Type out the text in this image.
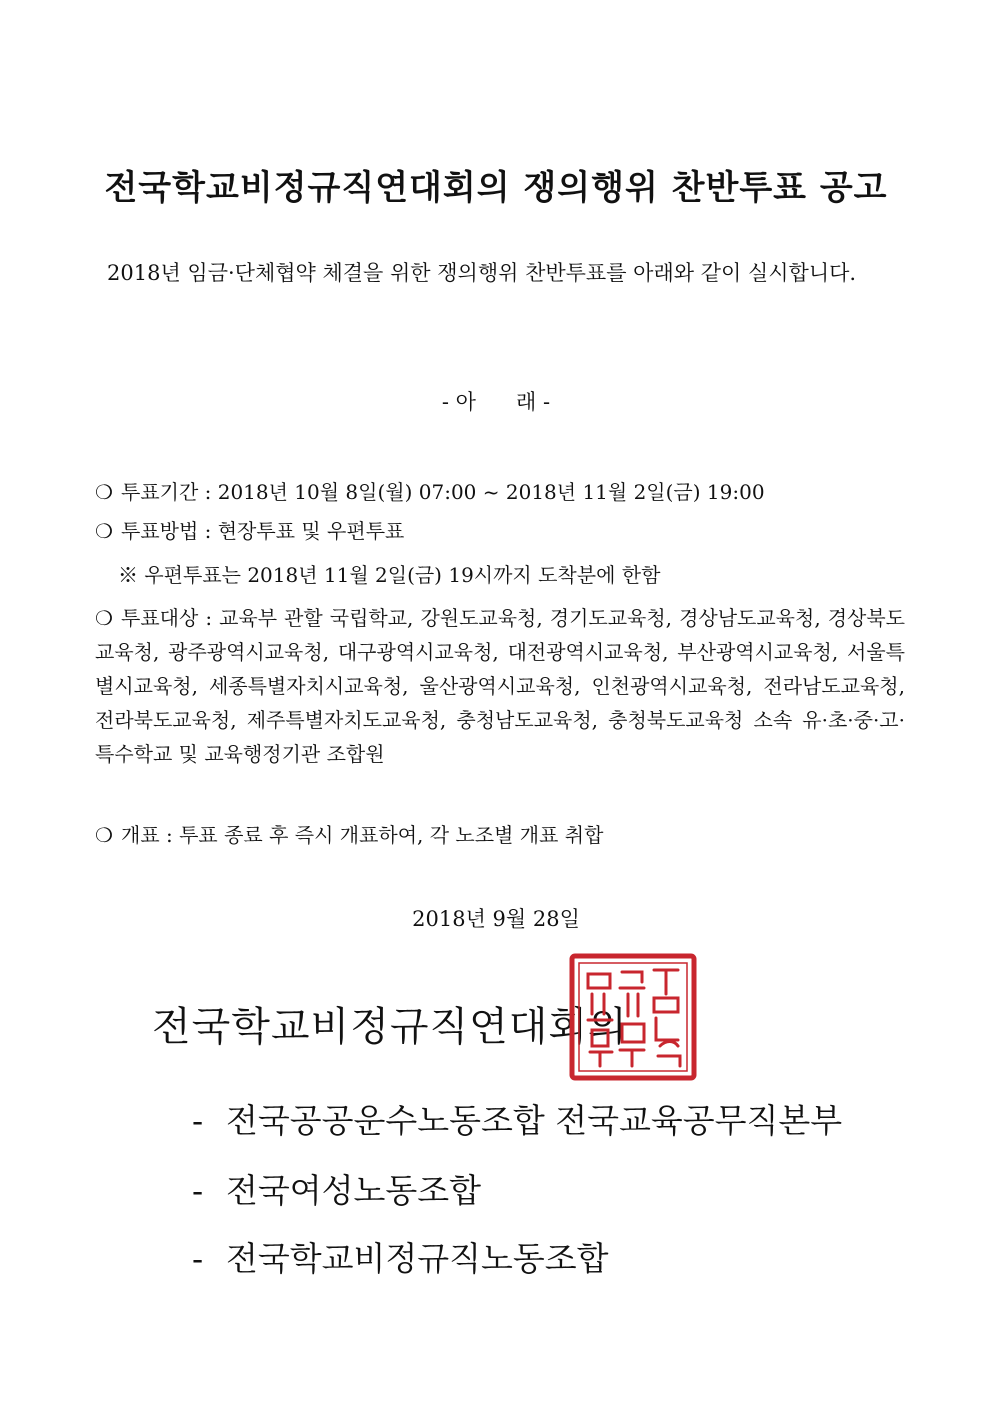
전국학교비정규직연대회의 쟁의행위 찬반투표 공고
2018년 임금·단체협약 체결을 위한 쟁의행위 찬반투표를 아래와 같이 실시합니다.
- 아      래 -
❍ 투표기간 : 2018년 10월 8일(월) 07:00 ~ 2018년 11월 2일(금) 19:00
❍ 투표방법 : 현장투표 및 우편투표
※ 우편투표는 2018년 11월 2일(금) 19시까지 도착분에 한함
❍ 투표대상 : 교육부 관할 국립학교, 강원도교육청, 경기도교육청, 경상남도교육청, 경상북도교육청, 광주광역시교육청, 대구광역시교육청, 대전광역시교육청, 부산광역시교육청, 서울특별시교육청, 세종특별자치시교육청, 울산광역시교육청, 인천광역시교육청, 전라남도교육청, 전라북도교육청, 제주특별자치도교육청, 충청남도교육청, 충청북도교육청 소속 유·초·중·고·특수학교 및 교육행정기관 조합원
❍ 개표 : 투표 종료 후 즉시 개표하여, 각 노조별 개표 취합
2018년 9월 28일
전국학교비정규직연대회의
- 전국공공운수노동조합 전국교육공무직본부
- 전국여성노동조합
- 전국학교비정규직노동조합
